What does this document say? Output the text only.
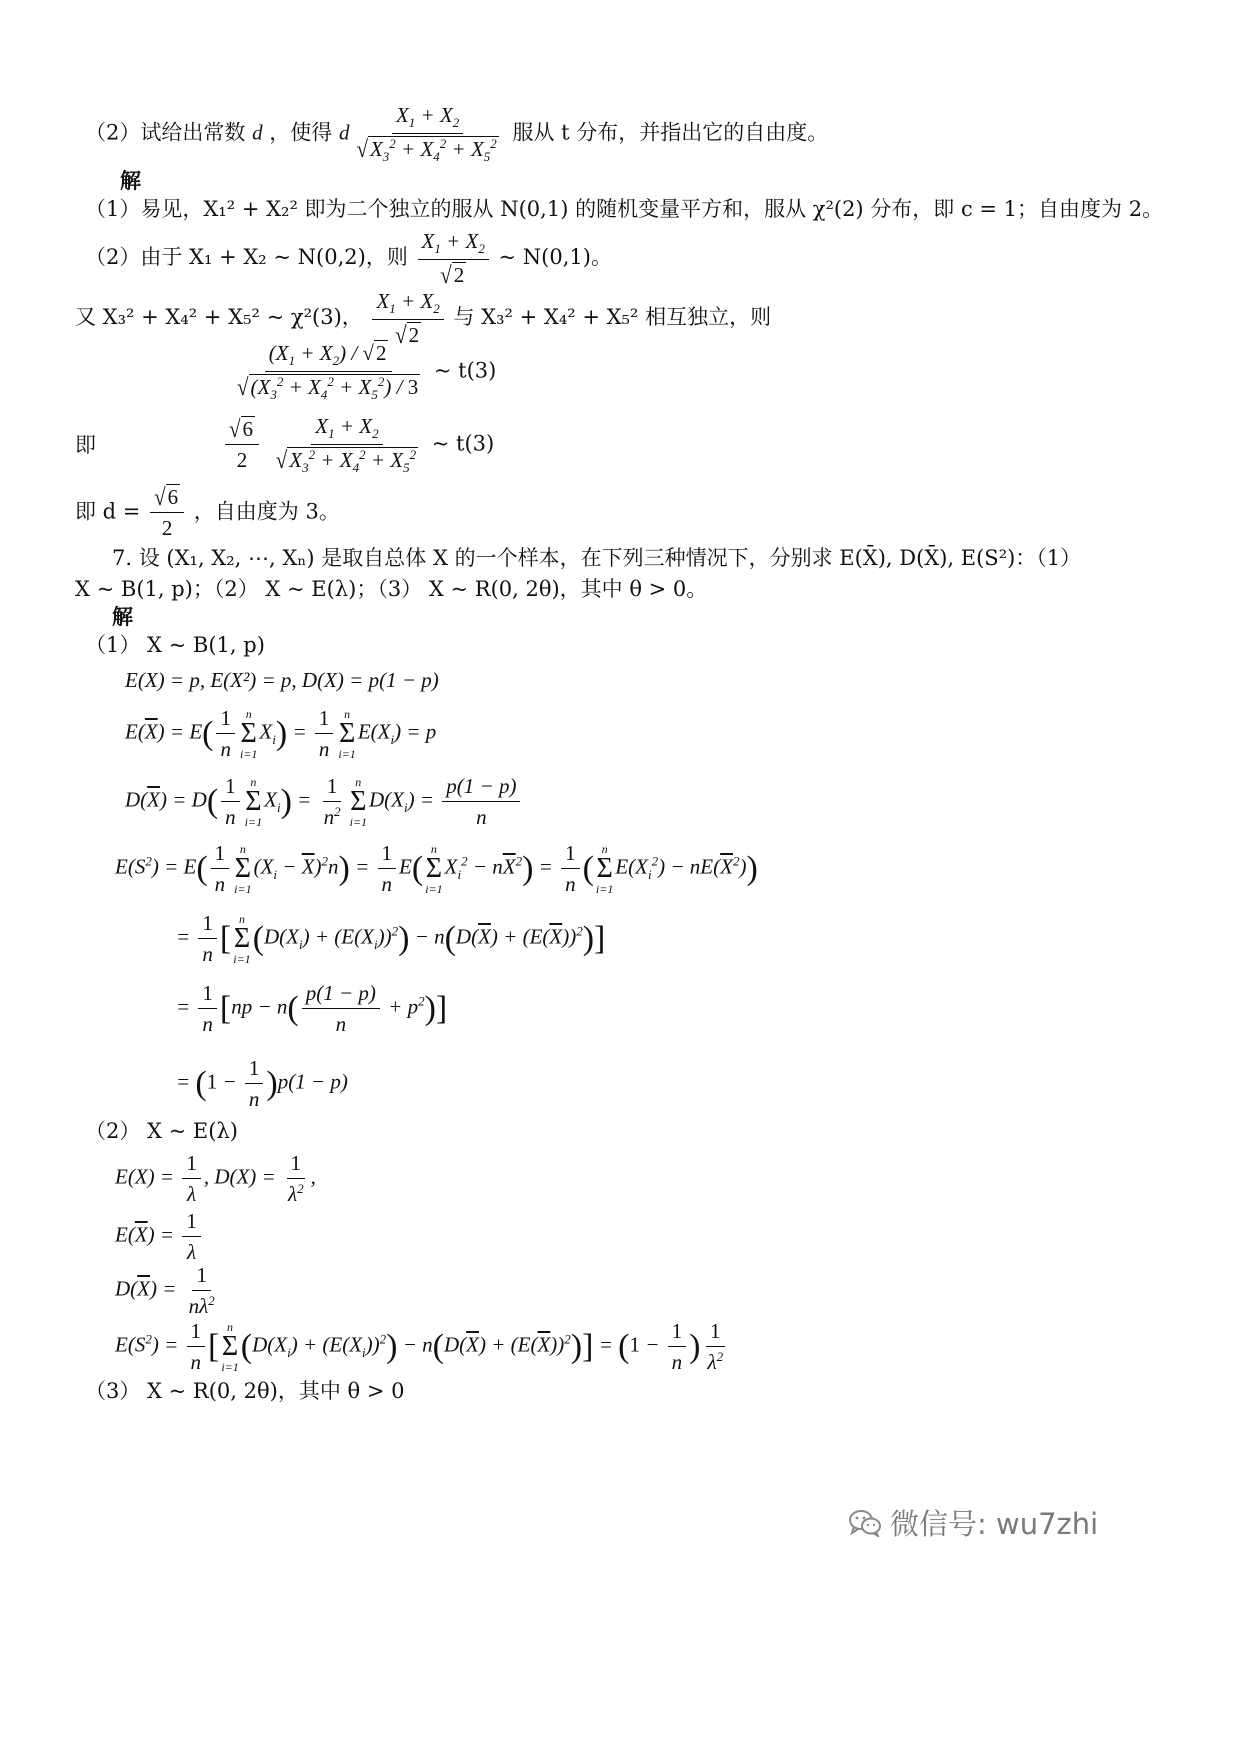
（2）试给出常数 d ，使得 d $\frac{X_1 + X_2}{√X_3^2 + X_4^2 + X_5^2}$ 服从 t 分布，并指出它的自由度。
解
（1）易见，X₁² + X₂² 即为二个独立的服从 N(0,1) 的随机变量平方和，服从 χ²(2) 分布，即 c = 1；自由度为 2。
（2）由于 X₁ + X₂ ~ N(0,2)，则 $\frac{X_1 + X_2}{√2}$ ~ N(0,1)。
又 X₃² + X₄² + X₅² ~ χ²(3)， $\frac{X_1 + X_2}{√2}$ 与 X₃² + X₄² + X₅² 相互独立，则
$\frac{(X_1 + X_2) / √2}{√(X_3^2 + X_4^2 + X_5^2) / 3}$ ~ t(3)
即	$\frac{√6}{2}$
$\frac{X_1 + X_2}{√X_3^2 + X_4^2 + X_5^2}$ ~ t(3)
即 $d = \frac{√6}{2}$ ，自由度为 3。
7. 设 (X₁, X₂, ⋯, Xₙ) 是取自总体 X 的一个样本，在下列三种情况下，分别求 E(X̄), D(X̄), E(S²)：（1）
X ~ B(1, p)；（2） X ~ E(λ)；（3） X ~ R(0, 2θ)，其中 θ > 0。
解
（1） X ~ B(1, p)
E(X) = p, E(X²) = p, D(X) = p(1 − p)
$E(\overline{X}) = E( \frac{1}{n}$ n
Σ
i=1
$X_i) = \frac{1}{n}$ n
Σ
i=1
$E(X_i) = p$
$D(\overline{X}) = D( \frac{1}{n}$ n
Σ
i=1
$X_i) = \frac{1}{n^2}$ n
Σ
i=1
$D(X_i) = \frac{p(1 - p)}{n}$
$E(S^2) = E( \frac{1}{n}$ n
Σ
i=1
$(X_i - \overline{X})^2n) = \frac{1}{n} E$(
n
Σ
i=1
$X_i^2 - n\overline{X}^2) = \frac{1}{n}$ (
n
Σ
i=1
$E(X_i^2) - nE(\overline{X}^2)$)
= $\frac{1}{n}$ [
n
Σ
i=1
$(D(X_i) + (E(X_i))^2) - n(D(\overline{X}) + (E(\overline{X}))^2)$]
= $\frac{1}{n} [np - n( \frac{p(1 - p)}{n} + p^2)]$
= $(1 - \frac{1}{n} )p(1 - p)$
（2） X ~ E(λ)
$E(X) = \frac{1}{\lambda}$ , $D(X) = \frac{1}{\lambda^2}$ ,
$E(\overline{X}) = \frac{1}{\lambda}$
$D(\overline{X}) = \frac{1}{n\lambda^2}$
$E(S^2) = \frac{1}{n}$ [
n
Σ
i=1
$(D(X_i) + (E(X_i))^2) - n(D(\overline{X}) + (E(\overline{X}))^2)] = (1 - \frac{1}{n}$ ) $\frac{1}{\lambda^2}$
（3） X ~ R(0, 2θ)，其中 θ > 0
微信号: wu7zhi
